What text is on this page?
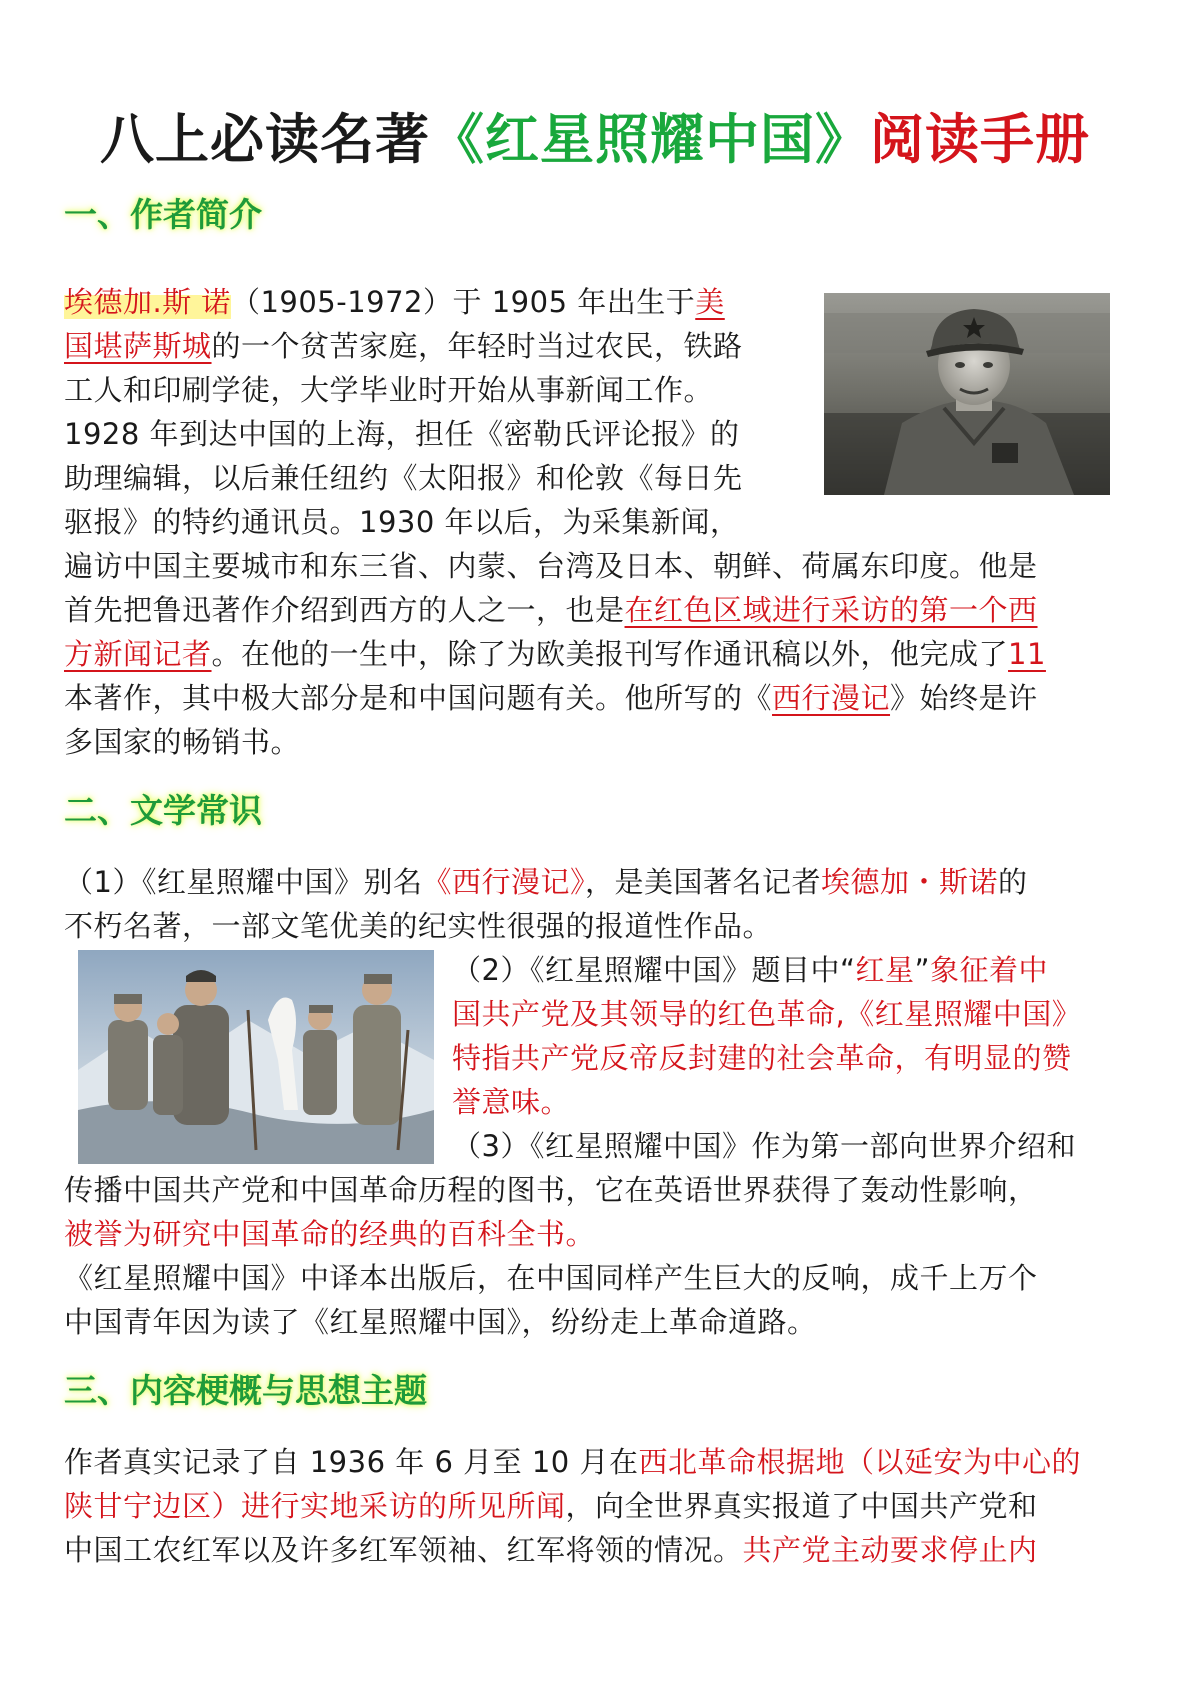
八上必读名著《红星照耀中国》阅读手册
一、作者简介
埃德加.斯 诺（1905-1972）于 1905 年出生于美
国堪萨斯城的一个贫苦家庭，年轻时当过农民，铁路
工人和印刷学徒，大学毕业时开始从事新闻工作。
1928 年到达中国的上海，担任《密勒氏评论报》的
助理编辑，以后兼任纽约《太阳报》和伦敦《每日先
驱报》的特约通讯员。1930 年以后，为采集新闻，
遍访中国主要城市和东三省、内蒙、台湾及日本、朝鲜、荷属东印度。他是
首先把鲁迅著作介绍到西方的人之一，也是在红色区域进行采访的第一个西
方新闻记者。在他的一生中，除了为欧美报刊写作通讯稿以外，他完成了11
本著作，其中极大部分是和中国问题有关。他所写的《西行漫记》始终是许
多国家的畅销书。
二、文学常识
（1）《红星照耀中国》别名《西行漫记》，是美国著名记者埃德加・斯诺的
不朽名著，一部文笔优美的纪实性很强的报道性作品。
（2）《红星照耀中国》题目中“红星”象征着中
国共产党及其领导的红色革命,《红星照耀中国》
特指共产党反帝反封建的社会革命，有明显的赞
誉意味。
（3）《红星照耀中国》作为第一部向世界介绍和
传播中国共产党和中国革命历程的图书，它在英语世界获得了轰动性影响，
被誉为研究中国革命的经典的百科全书。
《红星照耀中国》中译本出版后，在中国同样产生巨大的反响，成千上万个
中国青年因为读了《红星照耀中国》，纷纷走上革命道路。
三、内容梗概与思想主题
作者真实记录了自 1936 年 6 月至 10 月在西北革命根据地（以延安为中心的
陕甘宁边区）进行实地采访的所见所闻，向全世界真实报道了中国共产党和
中国工农红军以及许多红军领袖、红军将领的情况。共产党主动要求停止内
